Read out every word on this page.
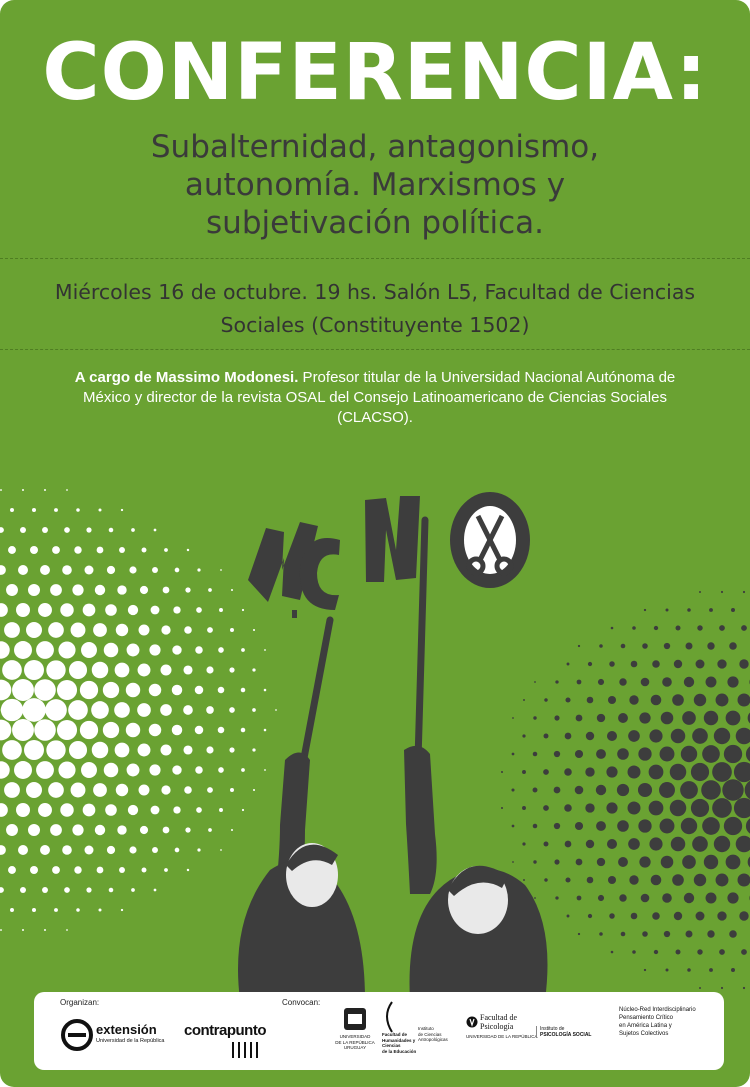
CONFERENCIA:
Subalternidad, antagonismo,
autonomía. Marxismos y
subjetivación política.
Miércoles 16 de octubre. 19 hs. Salón L5, Facultad de Ciencias
Sociales (Constituyente 1502)
A cargo de Massimo Modonesi. Profesor titular de la Universidad Nacional Autónoma de México y director de la revista OSAL del Consejo Latinoamericano de Ciencias Sociales (CLACSO).
Organizan:	Convocan:
extensión
Universidad de la República
contrapunto	UNIVERSIDAD
DE LA REPÚBLICA
URUGUAY
Facultad de
Humanidades y
Ciencias
de la Educación
Instituto
de Ciencias
Antropológicas
Facultad de
Psicología
UNIVERSIDAD DE LA REPÚBLICA
Instituto de
PSICOLOGÍA SOCIAL
Núcleo-Red Interdisciplinario
Pensamiento Crítico
en América Latina y
Sujetos Colectivos
